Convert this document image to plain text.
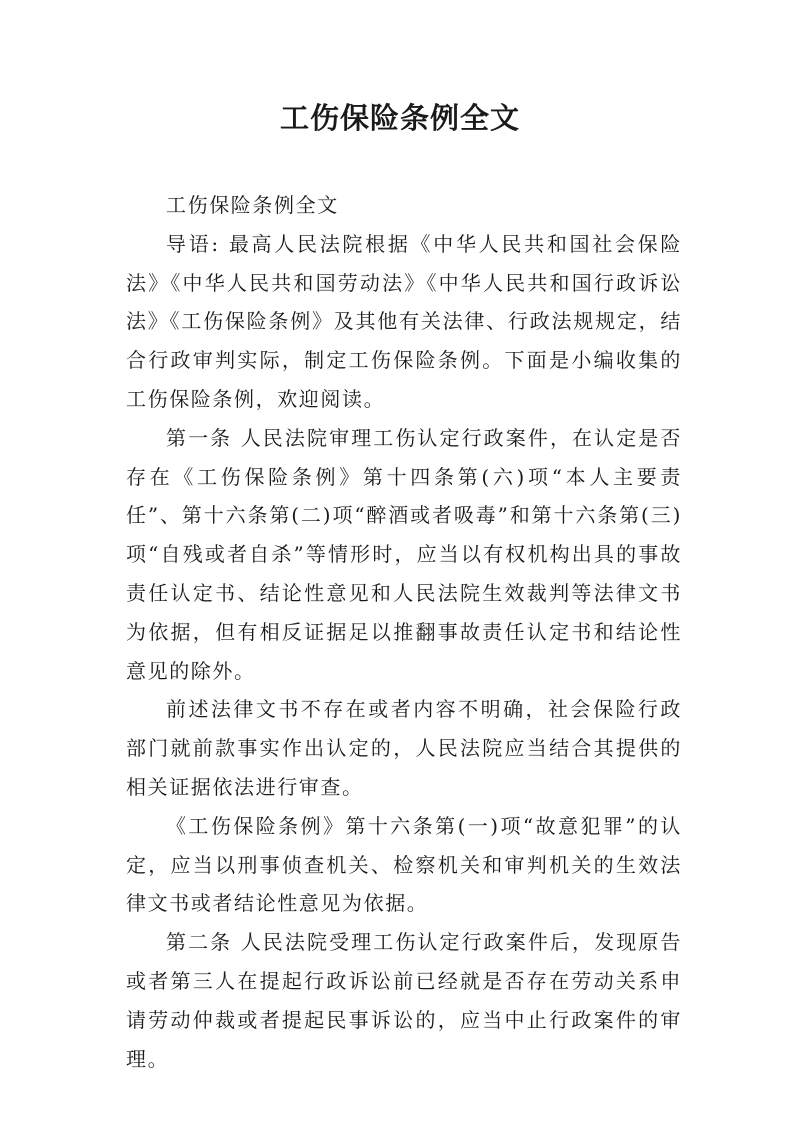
工伤保险条例全文

工伤保险条例全文

导语: 最高人民法院根据《中华人民共和国社会保险法》《中华人民共和国劳动法》《中华人民共和国行政诉讼法》《工伤保险条例》及其他有关法律、行政法规规定，结合行政审判实际，制定工伤保险条例。下面是小编收集的工伤保险条例，欢迎阅读。

第一条 人民法院审理工伤认定行政案件，在认定是否存在《工伤保险条例》第十四条第(六)项“本人主要责任”、第十六条第(二)项“醉酒或者吸毒”和第十六条第(三)项“自残或者自杀”等情形时，应当以有权机构出具的事故责任认定书、结论性意见和人民法院生效裁判等法律文书为依据，但有相反证据足以推翻事故责任认定书和结论性意见的除外。

前述法律文书不存在或者内容不明确，社会保险行政部门就前款事实作出认定的，人民法院应当结合其提供的相关证据依法进行审查。

《工伤保险条例》第十六条第(一)项“故意犯罪”的认定，应当以刑事侦查机关、检察机关和审判机关的生效法律文书或者结论性意见为依据。

第二条 人民法院受理工伤认定行政案件后，发现原告或者第三人在提起行政诉讼前已经就是否存在劳动关系申请劳动仲裁或者提起民事诉讼的，应当中止行政案件的审理。
